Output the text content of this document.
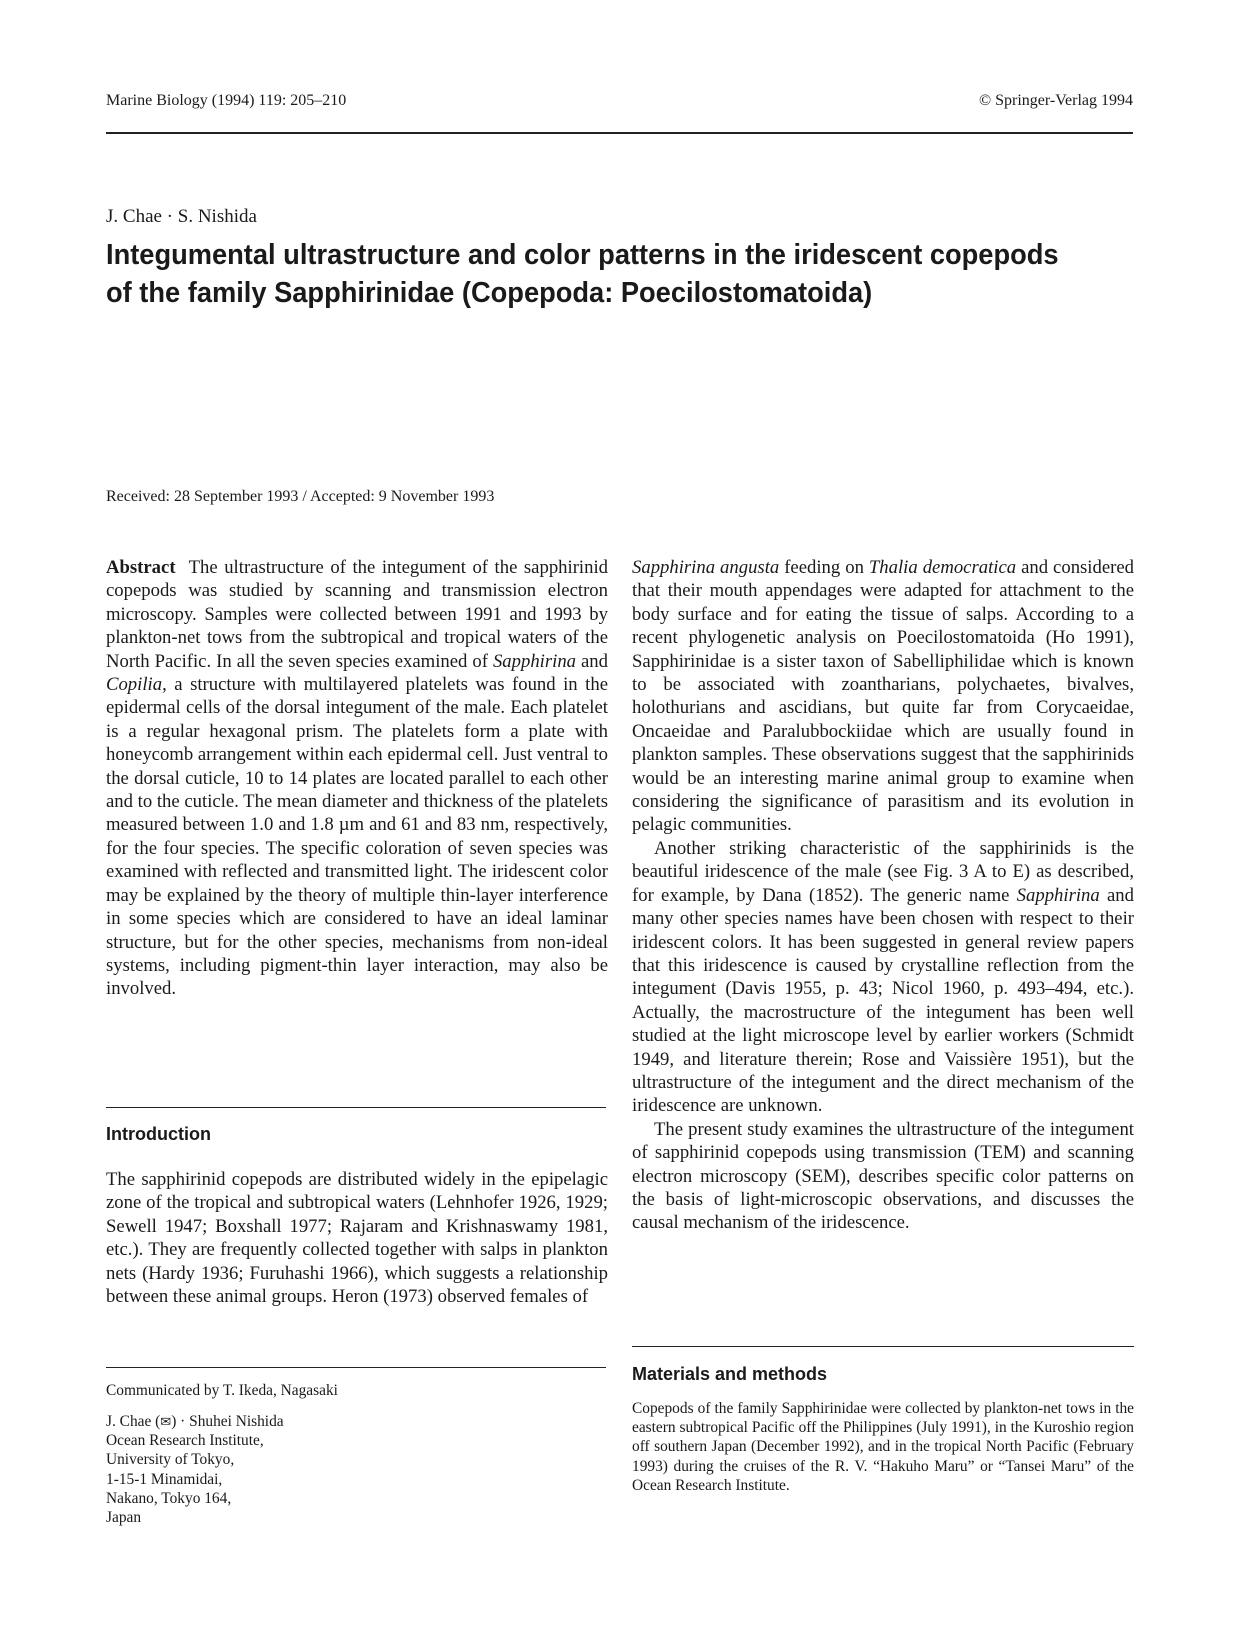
Marine Biology (1994) 119: 205–210	© Springer-Verlag 1994
J. Chae · S. Nishida
Integumental ultrastructure and color patterns in the iridescent copepods
of the family Sapphirinidae (Copepoda: Poecilostomatoida)
Received: 28 September 1993 / Accepted: 9 November 1993

Abstract The ultrastructure of the integument of the sapphirinid copepods was studied by scanning and transmission electron microscopy. Samples were collected between 1991 and 1993 by plankton-net tows from the subtropical and tropical waters of the North Pacific. In all the seven species examined of Sapphirina and Copilia, a structure with multilayered platelets was found in the epidermal cells of the dorsal integument of the male. Each platelet is a regular hexagonal prism. The platelets form a plate with honeycomb arrangement within each epidermal cell. Just ventral to the dorsal cuticle, 10 to 14 plates are located parallel to each other and to the cuticle. The mean diameter and thickness of the platelets measured between 1.0 and 1.8 µm and 61 and 83 nm, respectively, for the four species. The specific coloration of seven species was examined with reflected and transmitted light. The iridescent color may be explained by the theory of multiple thin-layer interference in some species which are considered to have an ideal laminar structure, but for the other species, mechanisms from non-ideal systems, including pigment-thin layer interaction, may also be involved.

Introduction

The sapphirinid copepods are distributed widely in the epipelagic zone of the tropical and subtropical waters (Lehnhofer 1926, 1929; Sewell 1947; Boxshall 1977; Rajaram and Krishnaswamy 1981, etc.). They are frequently collected together with salps in plankton nets (Hardy 1936; Furuhashi 1966), which suggests a relationship between these animal groups. Heron (1973) observed females of

Communicated by T. Ikeda, Nagasaki
J. Chae (✉) · Shuhei Nishida
Ocean Research Institute,
University of Tokyo,
1-15-1 Minamidai,
Nakano, Tokyo 164,
Japan

Sapphirina angusta feeding on Thalia democratica and considered that their mouth appendages were adapted for attachment to the body surface and for eating the tissue of salps. According to a recent phylogenetic analysis on Poecilostomatoida (Ho 1991), Sapphirinidae is a sister taxon of Sabelliphilidae which is known to be associated with zoantharians, polychaetes, bivalves, holothurians and ascidians, but quite far from Corycaeidae, Oncaeidae and Paralubbockiidae which are usually found in plankton samples. These observations suggest that the sapphirinids would be an interesting marine animal group to examine when considering the significance of parasitism and its evolution in pelagic communities.

Another striking characteristic of the sapphirinids is the beautiful iridescence of the male (see Fig. 3 A to E) as described, for example, by Dana (1852). The generic name Sapphirina and many other species names have been chosen with respect to their iridescent colors. It has been suggested in general review papers that this iridescence is caused by crystalline reflection from the integument (Davis 1955, p. 43; Nicol 1960, p. 493–494, etc.). Actually, the macrostructure of the integument has been well studied at the light microscope level by earlier workers (Schmidt 1949, and literature therein; Rose and Vaissière 1951), but the ultrastructure of the integument and the direct mechanism of the iridescence are unknown.

The present study examines the ultrastructure of the integument of sapphirinid copepods using transmission (TEM) and scanning electron microscopy (SEM), describes specific color patterns on the basis of light-microscopic observations, and discusses the causal mechanism of the iridescence.

Materials and methods

Copepods of the family Sapphirinidae were collected by plankton-net tows in the eastern subtropical Pacific off the Philippines (July 1991), in the Kuroshio region off southern Japan (December 1992), and in the tropical North Pacific (February 1993) during the cruises of the R. V. “Hakuho Maru” or “Tansei Maru” of the Ocean Research Institute.
